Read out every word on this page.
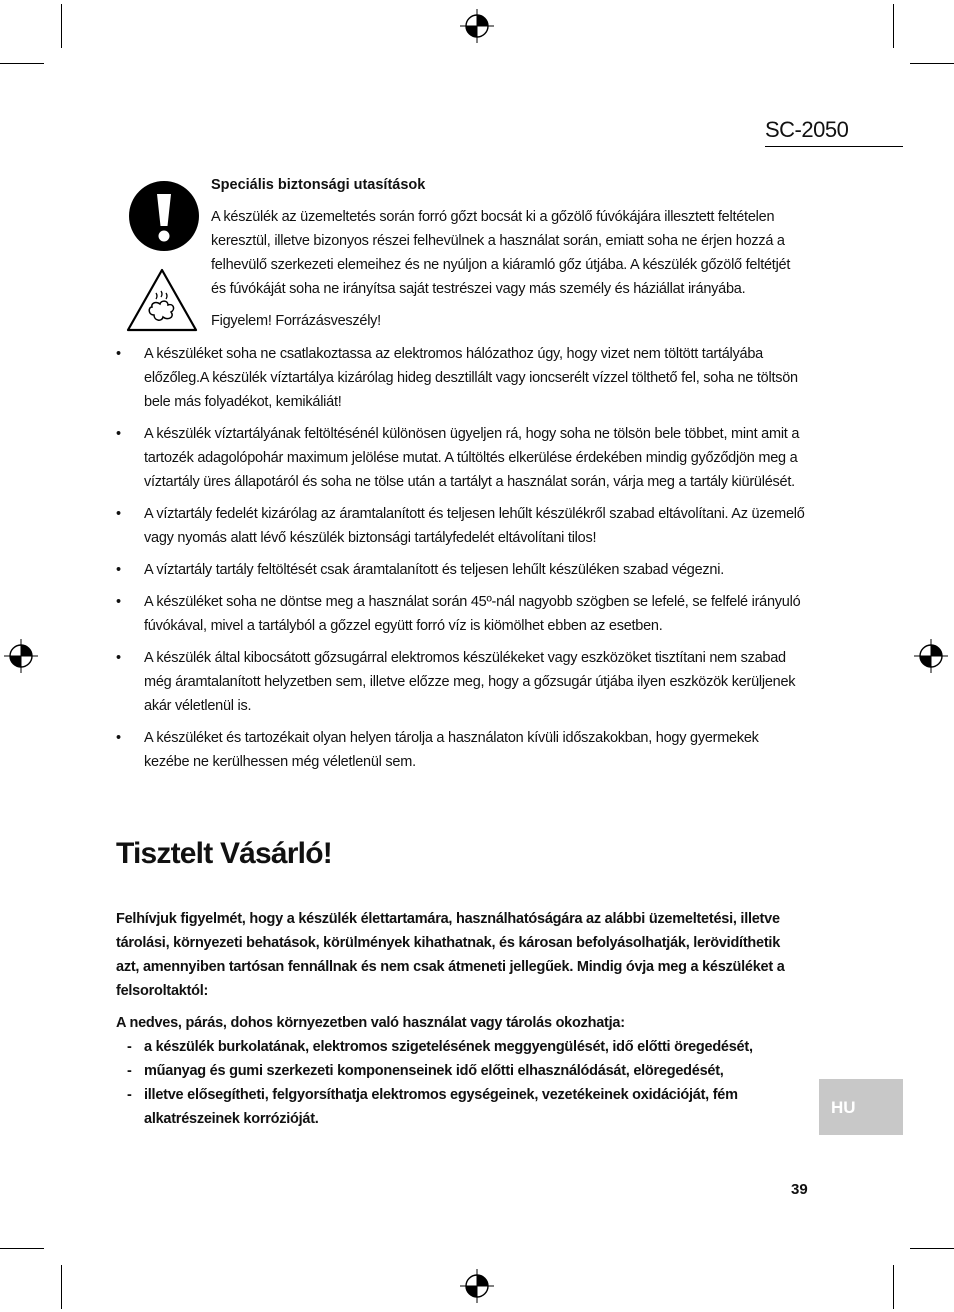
SC-2050
Speciális biztonsági utasítások
A készülék az üzemeltetés során forró gőzt bocsát ki a gőzölő fúvókájára illesztett feltételen keresztül, illetve bizonyos részei felhevülnek a használat során, emiatt soha ne érjen hozzá a felhevülő szerkezeti elemeihez és ne nyúljon a kiáramló gőz útjába. A készülék gőzölő feltétjét és fúvókáját soha ne irányítsa saját testrészei vagy más személy és háziállat irányába.
Figyelem! Forrázásveszély!
• A készüléket soha ne csatlakoztassa az elektromos hálózathoz úgy, hogy vizet nem töltött tartályába előzőleg.A készülék víztartálya kizárólag hideg desztillált vagy ioncserélt vízzel tölthető fel, soha ne töltsön bele más folyadékot, kemikáliát!
• A készülék víztartályának feltöltésénél különösen ügyeljen rá, hogy soha ne tölsön bele többet, mint amit a tartozék adagolópohár maximum jelölése mutat. A túltöltés elkerülése érdekében mindig győződjön meg a víztartály üres állapotáról és soha ne tölse után a tartályt a használat során, várja meg a tartály kiürülését.
• A víztartály fedelét kizárólag az áramtalanított és teljesen lehűlt készülékről szabad eltávolítani. Az üzemelő vagy nyomás alatt lévő készülék biztonsági tartályfedelét eltávolítani tilos!
• A víztartály tartály feltöltését csak áramtalanított és teljesen lehűlt készüléken szabad végezni.
• A készüléket soha ne döntse meg a használat során 45º-nál nagyobb szögben se lefelé, se felfelé irányuló fúvókával, mivel a tartályból a gőzzel együtt forró víz is kiömölhet ebben az esetben.
• A készülék által kibocsátott gőzsugárral elektromos készülékeket vagy eszközöket tisztítani nem szabad még áramtalanított helyzetben sem, illetve előzze meg, hogy a gőzsugár útjába ilyen eszközök kerüljenek akár véletlenül is.
• A készüléket és tartozékait olyan helyen tárolja a használaton kívüli időszakokban, hogy gyermekek kezébe ne kerülhessen még véletlenül sem.
Tisztelt Vásárló!
Felhívjuk figyelmét, hogy a készülék élettartamára, használhatóságára az alábbi üzemeltetési, illetve tárolási, környezeti behatások, körülmények kihathatnak, és károsan befolyásolhatják, lerövidíthetik azt, amennyiben tartósan fennállnak és nem csak átmeneti jellegűek. Mindig óvja meg a készüléket a felsoroltaktól:
A nedves, párás, dohos környezetben való használat vagy tárolás okozhatja:
- a készülék burkolatának, elektromos szigetelésének meggyengülését, idő előtti öregedését,
- műanyag és gumi szerkezeti komponenseinek idő előtti elhasználódását, elöregedését,
- illetve elősegítheti, felgyorsíthatja elektromos egységeinek, vezetékeinek oxidációját, fém alkatrészeinek korrózióját.
HU
39
